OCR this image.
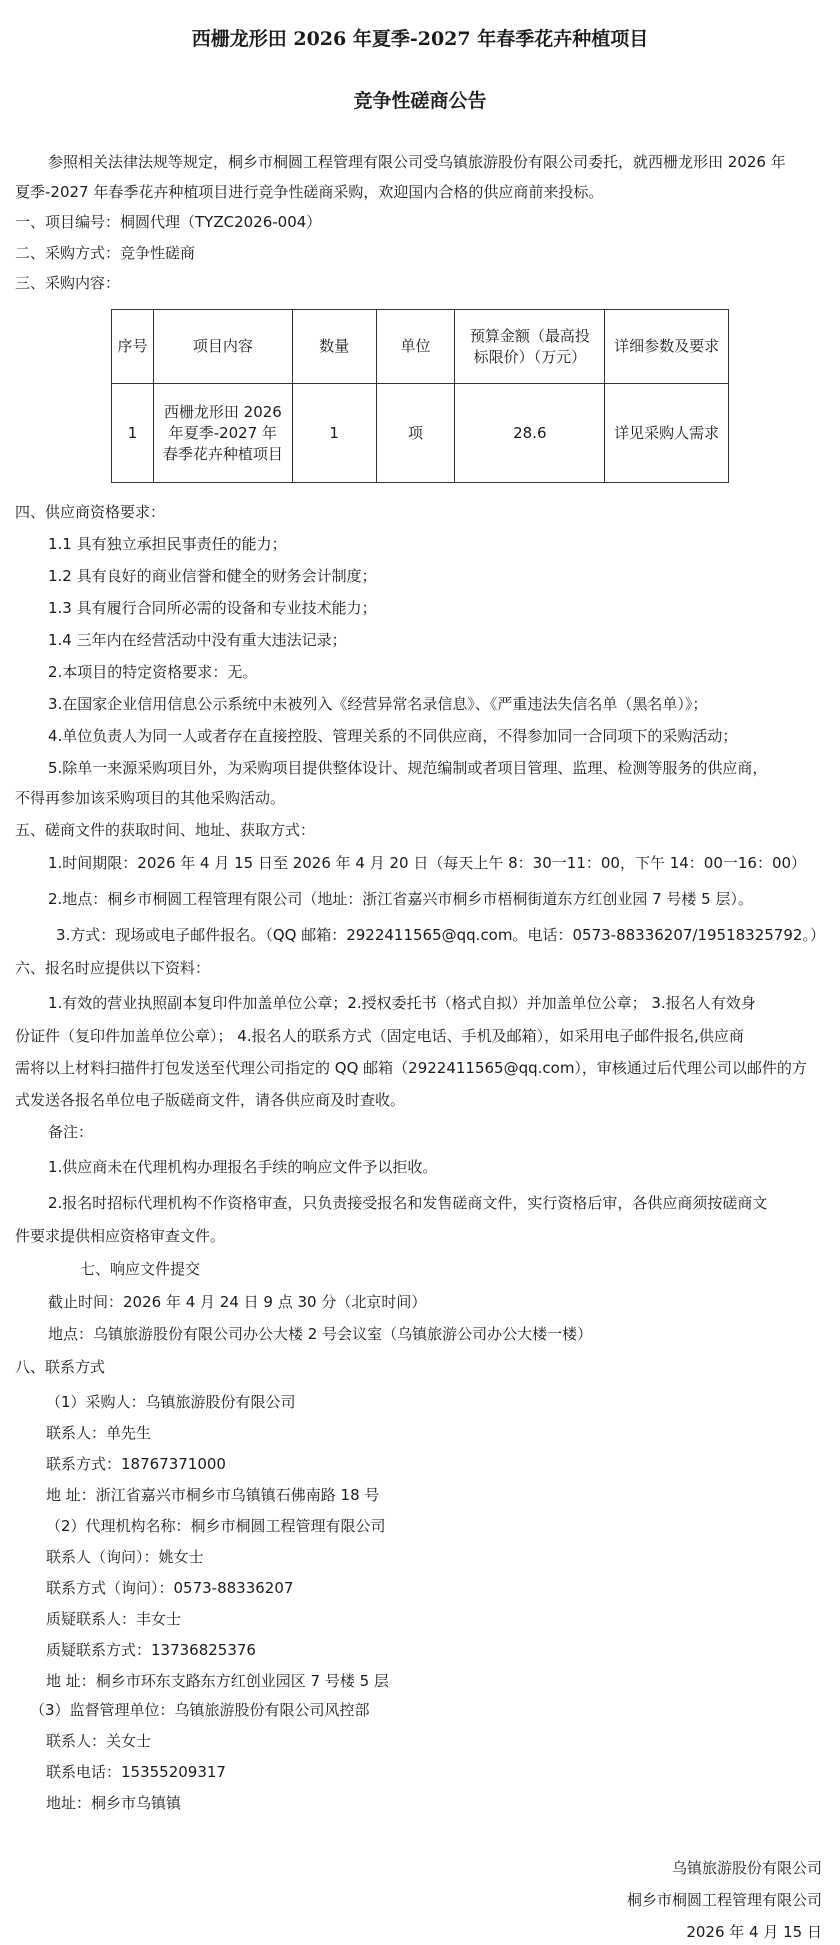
西栅龙形田 2026 年夏季-2027 年春季花卉种植项目
竞争性磋商公告
参照相关法律法规等规定，桐乡市桐圆工程管理有限公司受乌镇旅游股份有限公司委托，就西栅龙形田 2026 年
夏季-2027 年春季花卉种植项目进行竞争性磋商采购，欢迎国内合格的供应商前来投标。
一、项目编号：桐圆代理（TYZC2026-004）
二、采购方式：竞争性磋商
三、采购内容：
序号	项目内容	数量	单位	预算金额（最高投标限价）（万元）	详细参数及要求
1	西栅龙形田 2026 年夏季-2027 年春季花卉种植项目	1	项	28.6	详见采购人需求
四、供应商资格要求：
1.1 具有独立承担民事责任的能力；
1.2 具有良好的商业信誉和健全的财务会计制度；
1.3 具有履行合同所必需的设备和专业技术能力；
1.4 三年内在经营活动中没有重大违法记录；
2.本项目的特定资格要求：无。
3.在国家企业信用信息公示系统中未被列入《经营异常名录信息》、《严重违法失信名单（黑名单）》；
4.单位负责人为同一人或者存在直接控股、管理关系的不同供应商，不得参加同一合同项下的采购活动；
5.除单一来源采购项目外，为采购项目提供整体设计、规范编制或者项目管理、监理、检测等服务的供应商，
不得再参加该采购项目的其他采购活动。
五、磋商文件的获取时间、地址、获取方式：
1.时间期限：2026 年 4 月 15 日至 2026 年 4 月 20 日（每天上午 8：30一11：00，下午 14：00一16：00）
2.地点：桐乡市桐圆工程管理有限公司（地址：浙江省嘉兴市桐乡市梧桐街道东方红创业园 7 号楼 5 层）。
3.方式：现场或电子邮件报名。（QQ 邮箱：2922411565@qq.com。电话：0573-88336207/19518325792。）
六、报名时应提供以下资料：
1.有效的营业执照副本复印件加盖单位公章；2.授权委托书（格式自拟）并加盖单位公章； 3.报名人有效身
份证件（复印件加盖单位公章）； 4.报名人的联系方式（固定电话、手机及邮箱），如采用电子邮件报名,供应商
需将以上材料扫描件打包发送至代理公司指定的 QQ 邮箱（2922411565@qq.com），审核通过后代理公司以邮件的方
式发送各报名单位电子版磋商文件，请各供应商及时查收。
备注：
1.供应商未在代理机构办理报名手续的响应文件予以拒收。
2.报名时招标代理机构不作资格审查，只负责接受报名和发售磋商文件，实行资格后审，各供应商须按磋商文
件要求提供相应资格审查文件。
七、响应文件提交
截止时间：2026 年 4 月 24 日 9 点 30 分（北京时间）
地点：乌镇旅游股份有限公司办公大楼 2 号会议室（乌镇旅游公司办公大楼一楼）
八、联系方式
（1）采购人：乌镇旅游股份有限公司
联系人：单先生
联系方式：18767371000
地 址：浙江省嘉兴市桐乡市乌镇镇石佛南路 18 号
（2）代理机构名称：桐乡市桐圆工程管理有限公司
联系人（询问）：姚女士
联系方式（询问）：0573-88336207
质疑联系人：丰女士
质疑联系方式：13736825376
地 址：桐乡市环东支路东方红创业园区 7 号楼 5 层
（3）监督管理单位：乌镇旅游股份有限公司风控部
联系人：关女士
联系电话：15355209317
地址：桐乡市乌镇镇
乌镇旅游股份有限公司
桐乡市桐圆工程管理有限公司
2026 年 4 月 15 日
